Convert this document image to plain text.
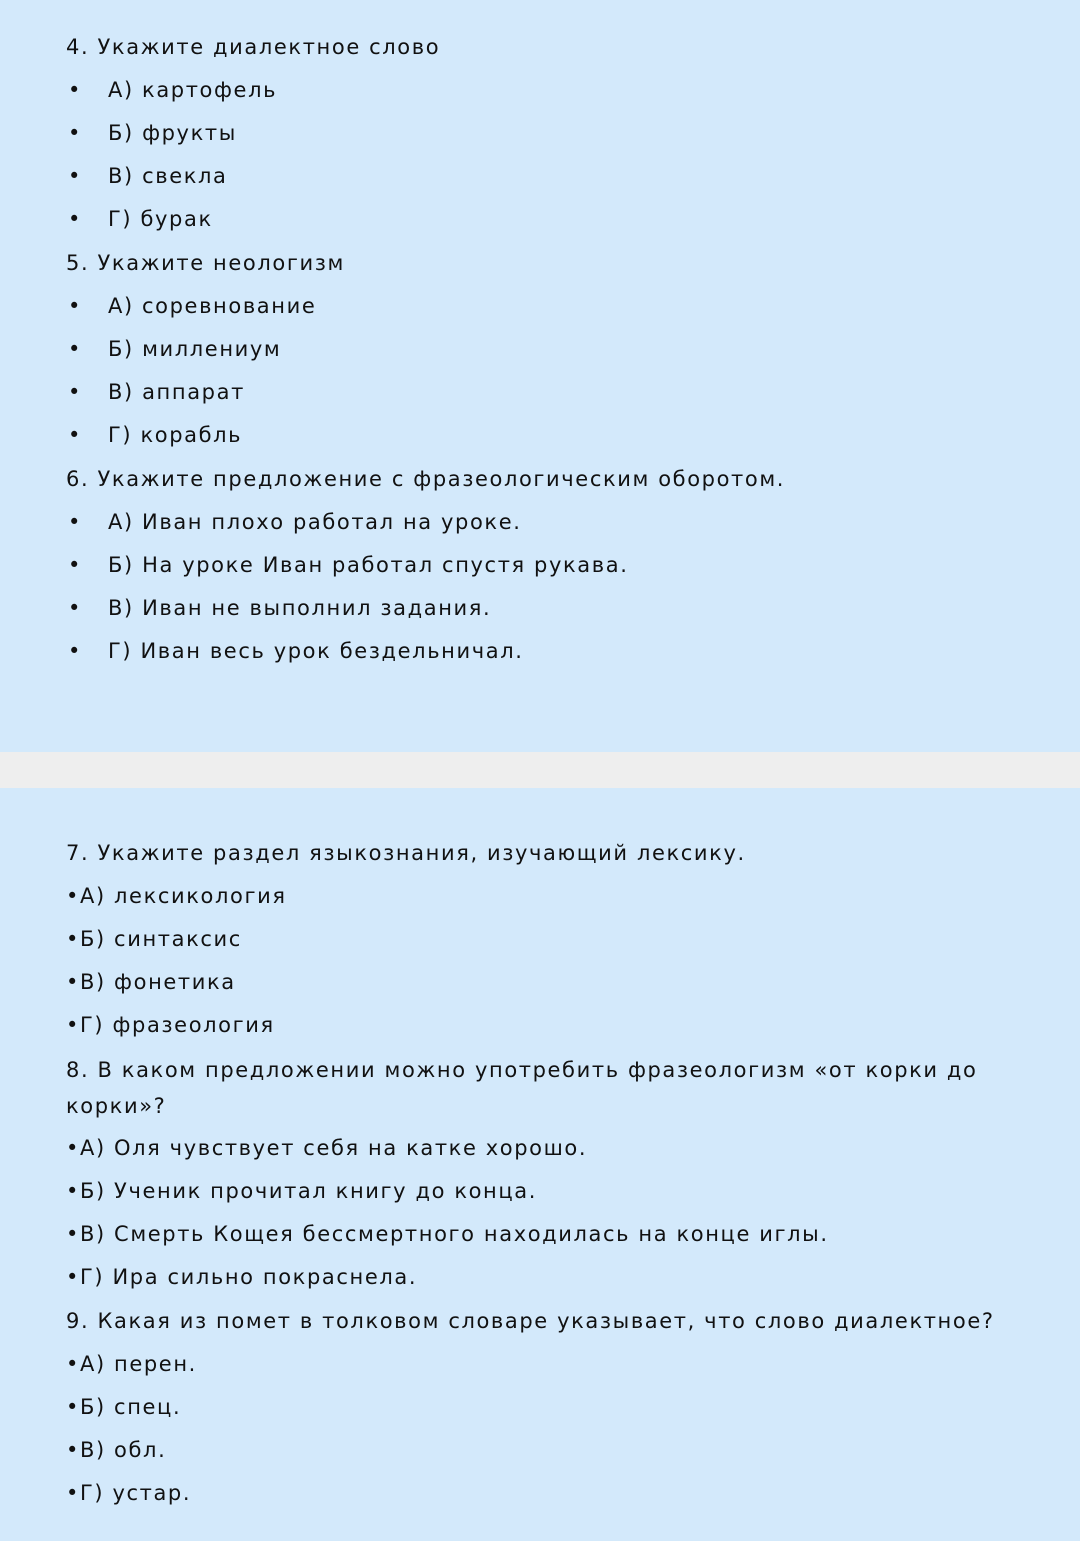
4. Укажите диалектное слово
• А) картофель
• Б) фрукты
• В) свекла
• Г) бурак
5. Укажите неологизм
• А) соревнование
• Б) миллениум
• В) аппарат
• Г) корабль
6. Укажите предложение с фразеологическим оборотом.
• А) Иван плохо работал на уроке.
• Б) На уроке Иван работал спустя рукава.
• В) Иван не выполнил задания.
• Г) Иван весь урок бездельничал.
7. Укажите раздел языкознания, изучающий лексику.
•А) лексикология
•Б) синтаксис
•В) фонетика
•Г) фразеология
8. В каком предложении можно употребить фразеологизм «от корки до корки»?
•А) Оля чувствует себя на катке хорошо.
•Б) Ученик прочитал книгу до конца.
•В) Смерть Кощея бессмертного находилась на конце иглы.
•Г) Ира сильно покраснела.
9. Какая из помет в толковом словаре указывает, что слово диалектное?
•А) перен.
•Б) спец.
•В) обл.
•Г) устар.
